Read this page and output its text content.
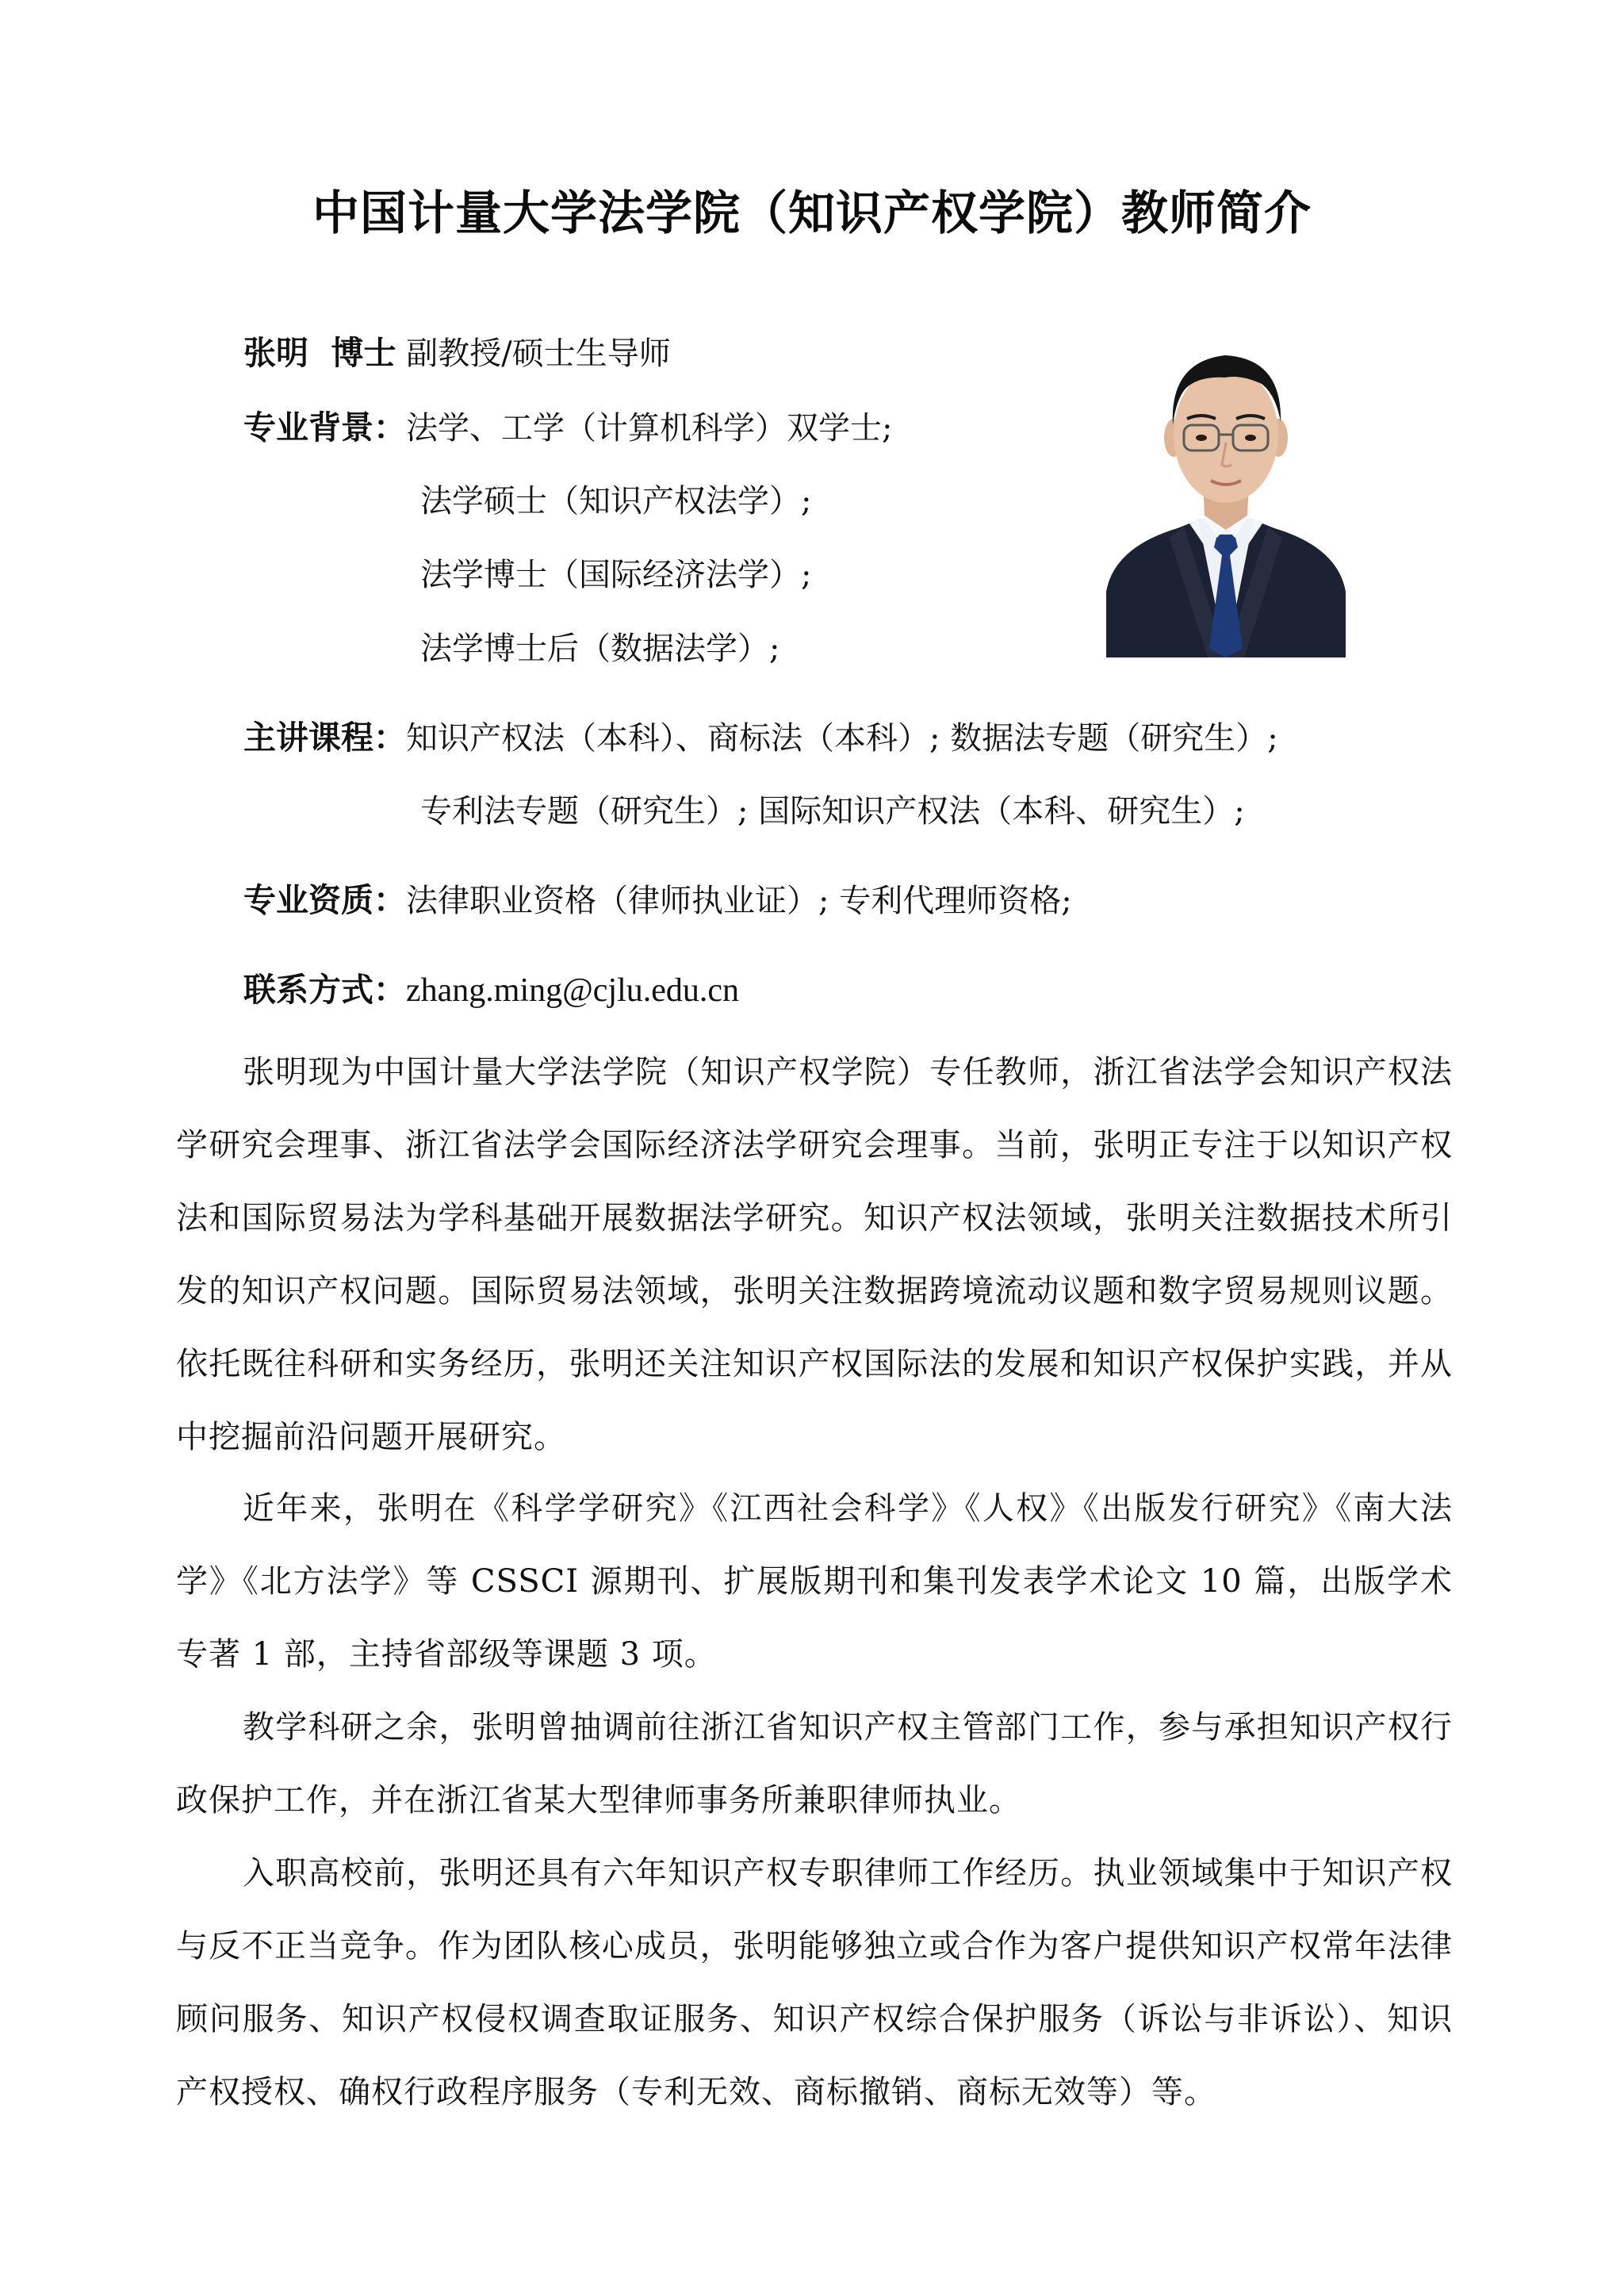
中国计量大学法学院（知识产权学院）教师简介
张明  博士 副教授/硕士生导师
专业背景：法学、工学（计算机科学）双学士;
法学硕士（知识产权法学）;
法学博士（国际经济法学）;
法学博士后（数据法学）;
主讲课程：知识产权法（本科）、商标法（本科）; 数据法专题（研究生）;
专利法专题（研究生）; 国际知识产权法（本科、研究生）;
专业资质：法律职业资格（律师执业证）; 专利代理师资格;
联系方式：zhang.ming@cjlu.edu.cn

张明现为中国计量大学法学院（知识产权学院）专任教师，浙江省法学会知识产权法学研究会理事、浙江省法学会国际经济法学研究会理事。当前，张明正专注于以知识产权法和国际贸易法为学科基础开展数据法学研究。知识产权法领域，张明关注数据技术所引发的知识产权问题。国际贸易法领域，张明关注数据跨境流动议题和数字贸易规则议题。依托既往科研和实务经历，张明还关注知识产权国际法的发展和知识产权保护实践，并从中挖掘前沿问题开展研究。

近年来，张明在《科学学研究》《江西社会科学》《人权》《出版发行研究》《南大法学》《北方法学》等 CSSCI 源期刊、扩展版期刊和集刊发表学术论文 10 篇，出版学术专著 1 部，主持省部级等课题 3 项。

教学科研之余，张明曾抽调前往浙江省知识产权主管部门工作，参与承担知识产权行政保护工作，并在浙江省某大型律师事务所兼职律师执业。

入职高校前，张明还具有六年知识产权专职律师工作经历。执业领域集中于知识产权与反不正当竞争。作为团队核心成员，张明能够独立或合作为客户提供知识产权常年法律顾问服务、知识产权侵权调查取证服务、知识产权综合保护服务（诉讼与非诉讼）、知识产权授权、确权行政程序服务（专利无效、商标撤销、商标无效等）等。
